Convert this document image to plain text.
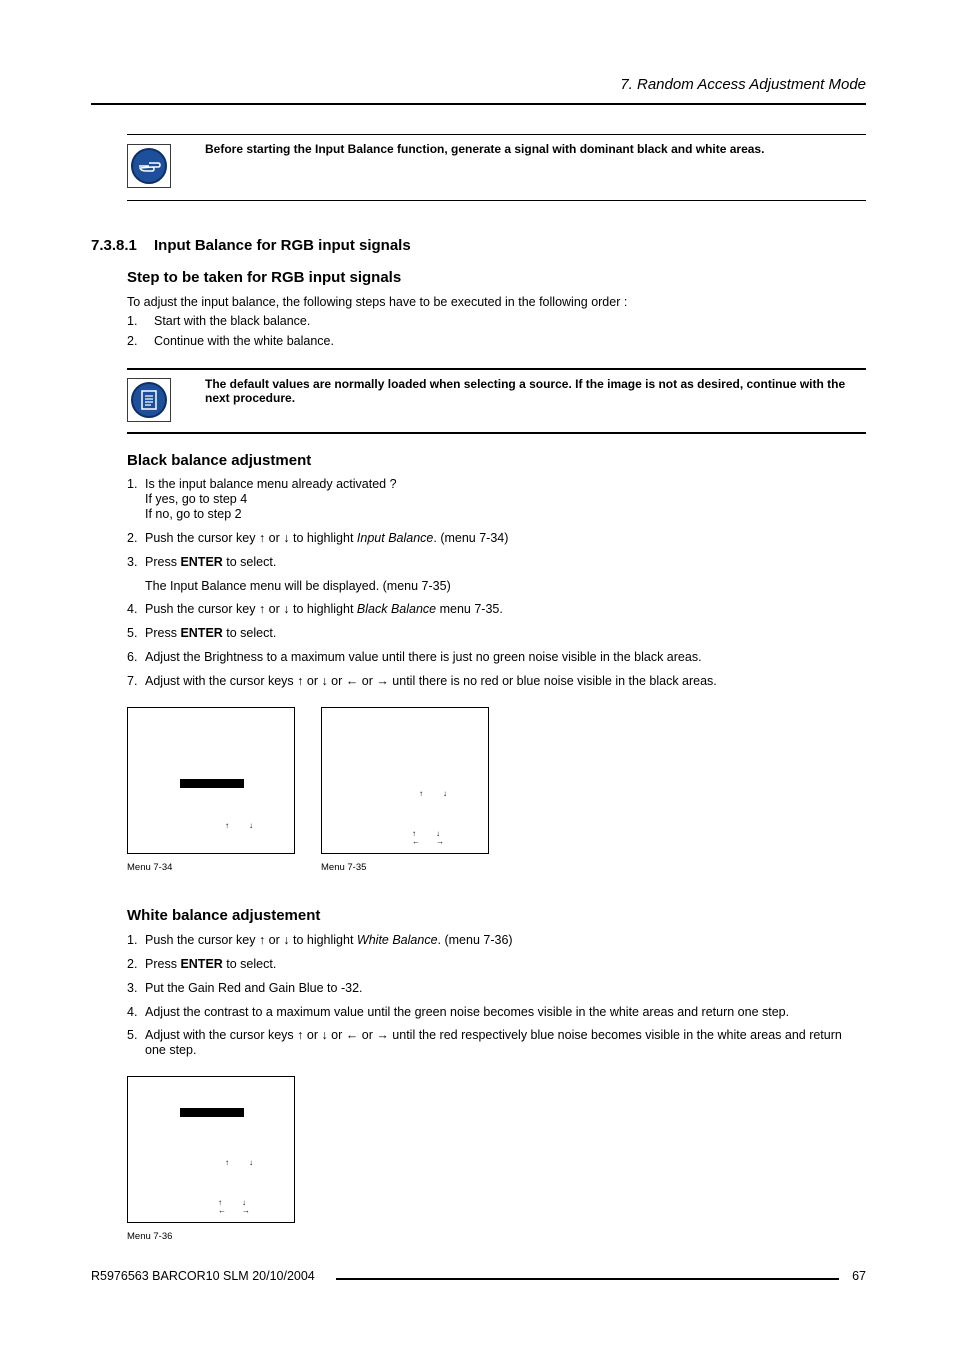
7. Random Access Adjustment Mode
Before starting the Input Balance function, generate a signal with dominant black and white areas.
7.3.8.1 Input Balance for RGB input signals
Step to be taken for RGB input signals
To adjust the input balance, the following steps have to be executed in the following order :
1. Start with the black balance.
2. Continue with the white balance.
The default values are normally loaded when selecting a source. If the image is not as desired, continue with the next procedure.
Black balance adjustment
1. Is the input balance menu already activated ?
If yes, go to step 4
If no, go to step 2
2. Push the cursor key ↑ or ↓ to highlight Input Balance. (menu 7-34)
3. Press ENTER to select.
The Input Balance menu will be displayed. (menu 7-35)
4. Push the cursor key ↑ or ↓ to highlight Black Balance menu 7-35.
5. Press ENTER to select.
6. Adjust the Brightness to a maximum value until there is just no green noise visible in the black areas.
7. Adjust with the cursor keys ↑ or ↓ or ← or → until there is no red or blue noise visible in the black areas.
↑	↓
Menu 7-34
↑	↓
↑	↓
← →
Menu 7-35
White balance adjustement
1. Push the cursor key ↑ or ↓ to highlight White Balance. (menu 7-36)
2. Press ENTER to select.
3. Put the Gain Red and Gain Blue to -32.
4. Adjust the contrast to a maximum value until the green noise becomes visible in the white areas and return one step.
5. Adjust with the cursor keys ↑ or ↓ or ← or → until the red respectively blue noise becomes visible in the white areas and return
one step.
↑	↓
↑	↓
← →
Menu 7-36
R5976563 BARCOR10 SLM 20/10/2004	67
